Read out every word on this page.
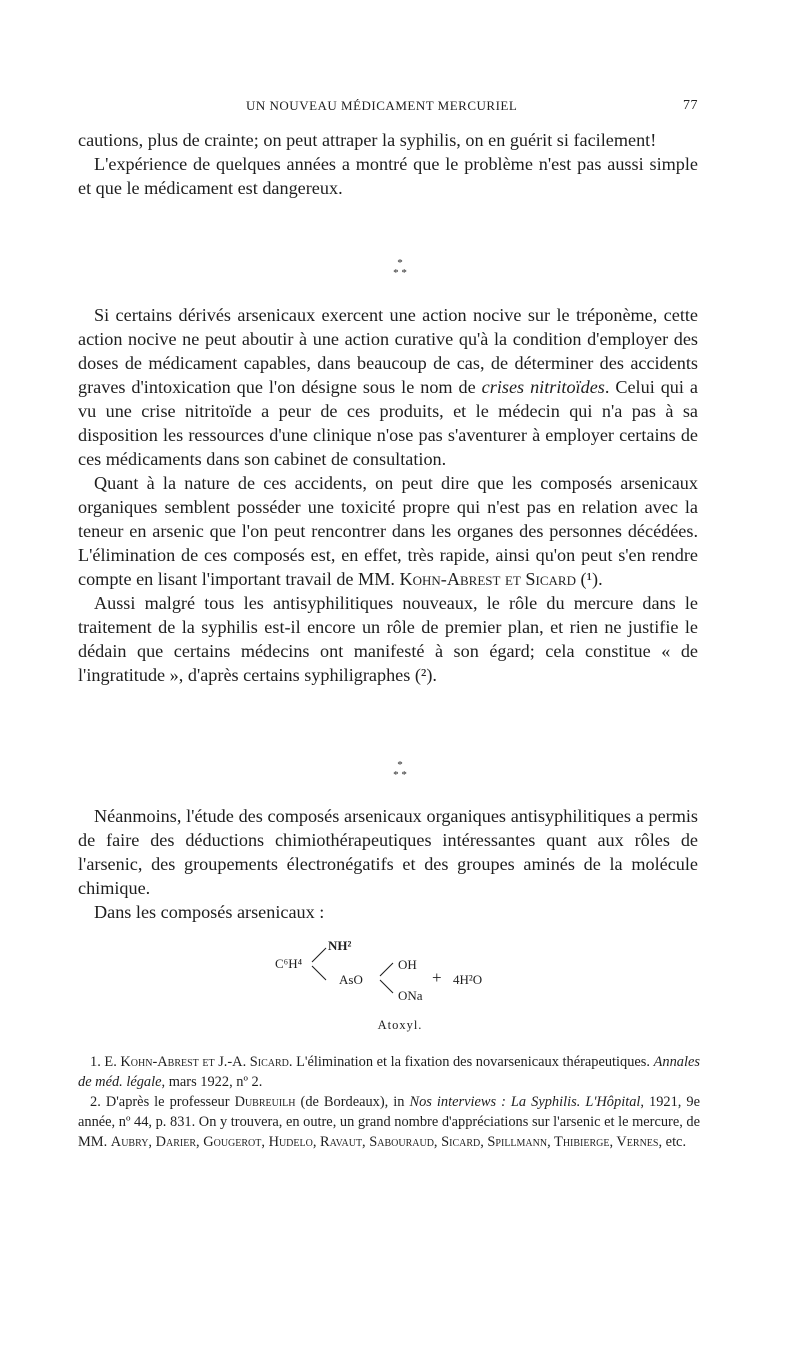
UN NOUVEAU MÉDICAMENT MERCURIEL	77

cautions, plus de crainte; on peut attraper la syphilis, on en guérit si facilement!

L'expérience de quelques années a montré que le problème n'est pas aussi simple et que le médicament est dangereux.

*
* *

Si certains dérivés arsenicaux exercent une action nocive sur le tréponème, cette action nocive ne peut aboutir à une action curative qu'à la condition d'employer des doses de médicament capables, dans beaucoup de cas, de déterminer des accidents graves d'intoxication que l'on désigne sous le nom de crises nitritoïdes. Celui qui a vu une crise nitritoïde a peur de ces produits, et le médecin qui n'a pas à sa disposition les ressources d'une clinique n'ose pas s'aventurer à employer certains de ces médicaments dans son cabinet de consultation.

Quant à la nature de ces accidents, on peut dire que les composés arsenicaux organiques semblent posséder une toxicité propre qui n'est pas en relation avec la teneur en arsenic que l'on peut rencontrer dans les organes des personnes décédées. L'élimination de ces composés est, en effet, très rapide, ainsi qu'on peut s'en rendre compte en lisant l'important travail de MM. Kohn-Abrest et Sicard (¹).

Aussi malgré tous les antisyphilitiques nouveaux, le rôle du mercure dans le traitement de la syphilis est-il encore un rôle de premier plan, et rien ne justifie le dédain que certains médecins ont manifesté à son égard; cela constitue « de l'ingratitude », d'après certains syphiligraphes (²).

*
* *

Néanmoins, l'étude des composés arsenicaux organiques antisyphilitiques a permis de faire des déductions chimiothérapeutiques intéressantes quant aux rôles de l'arsenic, des groupements électronégatifs et des groupes aminés de la molécule chimique.

Dans les composés arsenicaux :

C⁶H⁴
NH²
AsO
OH
ONa
+ 4H²O
Atoxyl.

1. E. Kohn-Abrest et J.-A. Sicard. L'élimination et la fixation des novarsenicaux thérapeutiques. Annales de méd. légale, mars 1922, nº 2.

2. D'après le professeur Dubreuilh (de Bordeaux), in Nos interviews : La Syphilis. L'Hôpital, 1921, 9e année, nº 44, p. 831. On y trouvera, en outre, un grand nombre d'appréciations sur l'arsenic et le mercure, de MM. Aubry, Darier, Gougerot, Hudelo, Ravaut, Sabouraud, Sicard, Spillmann, Thibierge, Vernes, etc.
